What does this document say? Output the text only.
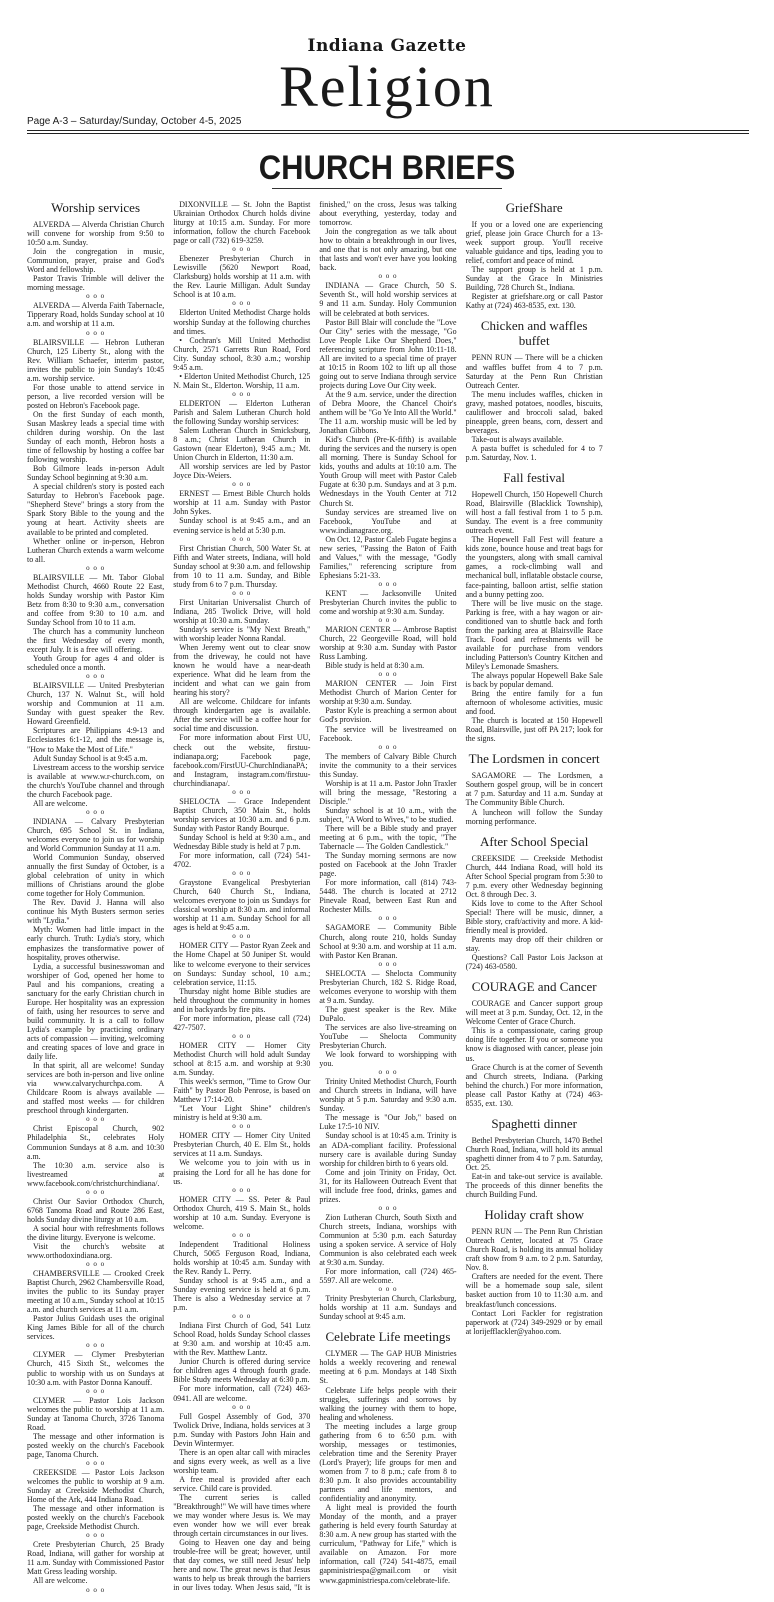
Indiana Gazette
Religion
Page A-3 – Saturday/Sunday, October 4-5, 2025
CHURCH BRIEFS
Worship services

ALVERDA — Alverda Christian Church will convene for worship from 9:50 to 10:50 a.m. Sunday.

Join the congregation in music, Communion, prayer, praise and God's Word and fellowship.

Pastor Travis Trimble will deliver the morning message.

o o o

ALVERDA — Alverda Faith Tabernacle, Tipperary Road, holds Sunday school at 10 a.m. and worship at 11 a.m.

o o o

BLAIRSVILLE — Hebron Lutheran Church, 125 Liberty St., along with the Rev. William Schaefer, interim pastor, invites the public to join Sunday's 10:45 a.m. worship service.

For those unable to attend service in person, a live recorded version will be posted on Hebron's Facebook page.

On the first Sunday of each month, Susan Maskrey leads a special time with children during worship. On the last Sunday of each month, Hebron hosts a time of fellowship by hosting a coffee bar following worship.

Bob Gilmore leads in-person Adult Sunday School beginning at 9:30 a.m.

A special children's story is posted each Saturday to Hebron's Facebook page. "Shepherd Steve" brings a story from the Spark Story Bible to the young and the young at heart. Activity sheets are available to be printed and completed.

Whether online or in-person, Hebron Lutheran Church extends a warm welcome to all.

o o o

BLAIRSVILLE — Mt. Tabor Global Methodist Church, 4660 Route 22 East, holds Sunday worship with Pastor Kim Betz from 8:30 to 9:30 a.m., conversation and coffee from 9:30 to 10 a.m. and Sunday School from 10 to 11 a.m.

The church has a community luncheon the first Wednesday of every month, except July. It is a free will offering.

Youth Group for ages 4 and older is scheduled once a month.

o o o

BLAIRSVILLE — United Presbyterian Church, 137 N. Walnut St., will hold worship and Communion at 11 a.m. Sunday with guest speaker the Rev. Howard Greenfield.

Scriptures are Philippians 4:9-13 and Ecclesiastes 6:1-12, and the message is, "How to Make the Most of Life."

Adult Sunday School is at 9:45 a.m.

Livestream access to the worship service is available at www.w.r-church.com, on the church's YouTube channel and through the church Facebook page.

All are welcome.

o o o

INDIANA — Calvary Presbyterian Church, 695 School St. in Indiana, welcomes everyone to join us for worship and World Communion Sunday at 11 a.m.

World Communion Sunday, observed annually the first Sunday of October, is a global celebration of unity in which millions of Christians around the globe come together for Holy Communion.

The Rev. David J. Hanna will also continue his Myth Busters sermon series with "Lydia."

Myth: Women had little impact in the early church. Truth: Lydia's story, which emphasizes the transformative power of hospitality, proves otherwise.

Lydia, a successful businesswoman and worshiper of God, opened her home to Paul and his companions, creating a sanctuary for the early Christian church in Europe. Her hospitality was an expression of faith, using her resources to serve and build community. It is a call to follow Lydia's example by practicing ordinary acts of compassion — inviting, welcoming and creating spaces of love and grace in daily life.

In that spirit, all are welcome! Sunday services are both in-person and live online via www.calvarychurchpa.com. A Childcare Room is always available — and staffed most weeks — for children preschool through kindergarten.

o o o

Christ Episcopal Church, 902 Philadelphia St., celebrates Holy Communion Sundays at 8 a.m. and 10:30 a.m.

The 10:30 a.m. service also is livestreamed at www.facebook.com/christchurchindiana/.

o o o

Christ Our Savior Orthodox Church, 6768 Tanoma Road and Route 286 East, holds Sunday divine liturgy at 10 a.m.

A social hour with refreshments follows the divine liturgy. Everyone is welcome.

Visit the church's website at www.orthodoxindiana.org.

o o o

CHAMBERSVILLE — Crooked Creek Baptist Church, 2962 Chambersville Road, invites the public to its Sunday prayer meeting at 10 a.m., Sunday school at 10:15 a.m. and church services at 11 a.m.

Pastor Julius Guidash uses the original King James Bible for all of the church services.

o o o

CLYMER — Clymer Presbyterian Church, 415 Sixth St., welcomes the public to worship with us on Sundays at 10:30 a.m. with Pastor Donna Kanouff.

o o o

CLYMER — Pastor Lois Jackson welcomes the public to worship at 11 a.m. Sunday at Tanoma Church, 3726 Tanoma Road.

The message and other information is posted weekly on the church's Facebook page, Tanoma Church.

o o o

CREEKSIDE — Pastor Lois Jackson welcomes the public to worship at 9 a.m. Sunday at Creekside Methodist Church, Home of the Ark, 444 Indiana Road.

The message and other information is posted weekly on the church's Facebook page, Creekside Methodist Church.

o o o

Crete Presbyterian Church, 25 Brady Road, Indiana, will gather for worship at 11 a.m. Sunday with Commissioned Pastor Matt Gress leading worship.

All are welcome.

o o o

DIXONVILLE — St. John the Baptist Ukrainian Orthodox Church holds divine liturgy at 10:15 a.m. Sunday. For more information, follow the church Facebook page or call (732) 619-3259.

o o o

Ebenezer Presbyterian Church in Lewisville (5620 Newport Road, Clarksburg) holds worship at 11 a.m. with the Rev. Laurie Milligan. Adult Sunday School is at 10 a.m.

o o o

Elderton United Methodist Charge holds worship Sunday at the following churches and times.

• Cochran's Mill United Methodist Church, 2571 Garretts Run Road, Ford City. Sunday school, 8:30 a.m.; worship 9:45 a.m.

• Elderton United Methodist Church, 125 N. Main St., Elderton. Worship, 11 a.m.

o o o

ELDERTON — Elderton Lutheran Parish and Salem Lutheran Church hold the following Sunday worship services:

Salem Lutheran Church in Smicksburg, 8 a.m.; Christ Lutheran Church in Gastown (near Elderton), 9:45 a.m.; Mt. Union Church in Elderton, 11:30 a.m.

All worship services are led by Pastor Joyce Dix-Weiers.

o o o

ERNEST — Ernest Bible Church holds worship at 11 a.m. Sunday with Pastor John Sykes.

Sunday school is at 9:45 a.m., and an evening service is held at 5:30 p.m.

o o o

First Christian Church, 500 Water St. at Fifth and Water streets, Indiana, will hold Sunday school at 9:30 a.m. and fellowship from 10 to 11 a.m. Sunday, and Bible study from 6 to 7 p.m. Thursday.

o o o

First Unitarian Universalist Church of Indiana, 285 Twolick Drive, will hold worship at 10:30 a.m. Sunday.

Sunday's service is "My Next Breath," with worship leader Nonna Randal.

When Jeremy went out to clear snow from the driveway, he could not have known he would have a near-death experience. What did he learn from the incident and what can we gain from hearing his story?

All are welcome. Childcare for infants through kindergarten age is available. After the service will be a coffee hour for social time and discussion.

For more information about First UU, check out the website, firstuu-indianapa.org; Facebook page, facebook.com/FirstUU-ChurchIndianaPA; and Instagram, instagram.com/firstuu-churchindianapa/.

o o o

SHELOCTA — Grace Independent Baptist Church, 350 Main St., holds worship services at 10:30 a.m. and 6 p.m. Sunday with Pastor Randy Bourque.

Sunday School is held at 9:30 a.m., and Wednesday Bible study is held at 7 p.m.

For more information, call (724) 541-4702.

o o o

Graystone Evangelical Presbyterian Church, 640 Church St., Indiana, welcomes everyone to join us Sundays for classical worship at 8:30 a.m. and informal worship at 11 a.m. Sunday School for all ages is held at 9:45 a.m.

o o o

HOMER CITY — Pastor Ryan Zeek and the Home Chapel at 50 Juniper St. would like to welcome everyone to their services on Sundays: Sunday school, 10 a.m.; celebration service, 11:15.

Thursday night home Bible studies are held throughout the community in homes and in backyards by fire pits.

For more information, please call (724) 427-7507.

o o o

HOMER CITY — Homer City Methodist Church will hold adult Sunday school at 8:15 a.m. and worship at 9:30 a.m. Sunday.

This week's sermon, "Time to Grow Our Faith" by Pastor Bob Penrose, is based on Matthew 17:14-20.

"Let Your Light Shine" children's ministry is held at 9:30 a.m.

o o o

HOMER CITY — Homer City United Presbyterian Church, 40 E. Elm St., holds services at 11 a.m. Sundays.

We welcome you to join with us in praising the Lord for all he has done for us.

o o o

HOMER CITY — SS. Peter & Paul Orthodox Church, 419 S. Main St., holds worship at 10 a.m. Sunday. Everyone is welcome.

o o o

Independent Traditional Holiness Church, 5065 Ferguson Road, Indiana, holds worship at 10:45 a.m. Sunday with the Rev. Randy L. Perry.

Sunday school is at 9:45 a.m., and a Sunday evening service is held at 6 p.m. There is also a Wednesday service at 7 p.m.

o o o

Indiana First Church of God, 541 Lutz School Road, holds Sunday School classes at 9:30 a.m. and worship at 10:45 a.m. with the Rev. Matthew Lantz.

Junior Church is offered during service for children ages 4 through fourth grade. Bible Study meets Wednesday at 6:30 p.m.

For more information, call (724) 463-0941. All are welcome.

o o o

Full Gospel Assembly of God, 370 Twolick Drive, Indiana, holds services at 3 p.m. Sunday with Pastors John Hain and Devin Wintermyer.

There is an open altar call with miracles and signs every week, as well as a live worship team.

A free meal is provided after each service. Child care is provided.

The current series is called "Breakthrough!" We will have times where we may wonder where Jesus is. We may even wonder how we will ever break through certain circumstances in our lives.

Going to Heaven one day and being trouble-free will be great; however, until that day comes, we still need Jesus' help here and now. The great news is that Jesus wants to help us break through the barriers in our lives today. When Jesus said, "It is finished," on the cross, Jesus was talking about everything, yesterday, today and tomorrow.

Join the congregation as we talk about how to obtain a breakthrough in our lives, and one that is not only amazing, but one that lasts and won't ever have you looking back.

o o o

INDIANA — Grace Church, 50 S. Seventh St., will hold worship services at 9 and 11 a.m. Sunday. Holy Communion will be celebrated at both services.

Pastor Bill Blair will conclude the "Love Our City" series with the message, "Go Love People Like Our Shepherd Does," referencing scripture from John 10:11-18. All are invited to a special time of prayer at 10:15 in Room 102 to lift up all those going out to serve Indiana through service projects during Love Our City week.

At the 9 a.m. service, under the direction of Debra Moore, the Chancel Choir's anthem will be "Go Ye Into All the World." The 11 a.m. worship music will be led by Jonathan Gibbons.

Kid's Church (Pre-K-fifth) is available during the services and the nursery is open all morning. There is Sunday School for kids, youths and adults at 10:10 a.m. The Youth Group will meet with Pastor Caleb Fugate at 6:30 p.m. Sundays and at 3 p.m. Wednesdays in the Youth Center at 712 Church St.

Sunday services are streamed live on Facebook, YouTube and at www.indianagrace.org.

On Oct. 12, Pastor Caleb Fugate begins a new series, "Passing the Baton of Faith and Values," with the message, "Godly Families," referencing scripture from Ephesians 5:21-33.

o o o

KENT — Jacksonville United Presbyterian Church invites the public to come and worship at 9:30 a.m. Sunday.

o o o

MARION CENTER — Ambrose Baptist Church, 22 Georgeville Road, will hold worship at 9:30 a.m. Sunday with Pastor Russ Lambing.

Bible study is held at 8:30 a.m.

o o o

MARION CENTER — Join First Methodist Church of Marion Center for worship at 9:30 a.m. Sunday.

Pastor Kyle is preaching a sermon about God's provision.

The service will be livestreamed on Facebook.

o o o

The members of Calvary Bible Church invite the community to a their services this Sunday.

Worship is at 11 a.m. Pastor John Traxler will bring the message, "Restoring a Disciple."

Sunday school is at 10 a.m., with the subject, "A Word to Wives," to be studied.

There will be a Bible study and prayer meeting at 6 p.m., with the topic, "The Tabernacle — The Golden Candlestick."

The Sunday morning sermons are now posted on Facebook at the John Traxler page.

For more information, call (814) 743-5448. The church is located at 2712 Pinevale Road, between East Run and Rochester Mills.

o o o

SAGAMORE — Community Bible Church, along route 210, holds Sunday School at 9:30 a.m. and worship at 11 a.m. with Pastor Ken Branan.

o o o

SHELOCTA — Shelocta Community Presbyterian Church, 182 S. Ridge Road, welcomes everyone to worship with them at 9 a.m. Sunday.

The guest speaker is the Rev. Mike DuPalo.

The services are also live-streaming on YouTube — Shelocta Community Presbyterian Church.

We look forward to worshipping with you.

o o o

Trinity United Methodist Church, Fourth and Church streets in Indiana, will have worship at 5 p.m. Saturday and 9:30 a.m. Sunday.

The message is "Our Job," based on Luke 17:5-10 NIV.

Sunday school is at 10:45 a.m. Trinity is an ADA-compliant facility. Professional nursery care is available during Sunday worship for children birth to 6 years old.

Come and join Trinity on Friday, Oct. 31, for its Halloween Outreach Event that will include free food, drinks, games and prizes.

o o o

Zion Lutheran Church, South Sixth and Church streets, Indiana, worships with Communion at 5:30 p.m. each Saturday using a spoken service. A service of Holy Communion is also celebrated each week at 9:30 a.m. Sunday.

For more information, call (724) 465-5597. All are welcome.

o o o

Trinity Presbyterian Church, Clarksburg, holds worship at 11 a.m. Sundays and Sunday school at 9:45 a.m.

Celebrate Life meetings

CLYMER — The GAP HUB Ministries holds a weekly recovering and renewal meeting at 6 p.m. Mondays at 148 Sixth St.

Celebrate Life helps people with their struggles, sufferings and sorrows by walking the journey with them to hope, healing and wholeness.

The meeting includes a large group gathering from 6 to 6:50 p.m. with worship, messages or testimonies, celebration time and the Serenity Prayer (Lord's Prayer); life groups for men and women from 7 to 8 p.m.; cafe from 8 to 8:30 p.m. It also provides accountability partners and life mentors, and confidentiality and anonymity.

A light meal is provided the fourth Monday of the month, and a prayer gathering is held every fourth Saturday at 8:30 a.m. A new group has started with the curriculum, "Pathway for Life," which is available on Amazon. For more information, call (724) 541-4875, email gapministriespa@gmail.com or visit www.gapministriespa.com/celebrate-life.

GriefShare

If you or a loved one are experiencing grief, please join Grace Church for a 13-week support group. You'll receive valuable guidance and tips, leading you to relief, comfort and peace of mind.

The support group is held at 1 p.m. Sunday at the Grace In Ministries Building, 728 Church St., Indiana.

Register at griefshare.org or call Pastor Kathy at (724) 463-8535, ext. 130.

Chicken and waffles buffet

PENN RUN — There will be a chicken and waffles buffet from 4 to 7 p.m. Saturday at the Penn Run Christian Outreach Center.

The menu includes waffles, chicken in gravy, mashed potatoes, noodles, biscuits, cauliflower and broccoli salad, baked pineapple, green beans, corn, dessert and beverages.

Take-out is always available.

A pasta buffet is scheduled for 4 to 7 p.m. Saturday, Nov. 1.

Fall festival

Hopewell Church, 150 Hopewell Church Road, Blairsville (Blacklick Township), will host a fall festival from 1 to 5 p.m. Sunday. The event is a free community outreach event.

The Hopewell Fall Fest will feature a kids zone, bounce house and treat bags for the youngsters, along with small carnival games, a rock-climbing wall and mechanical bull, inflatable obstacle course, face-painting, balloon artist, selfie station and a bunny petting zoo.

There will be live music on the stage. Parking is free, with a hay wagon or air-conditioned van to shuttle back and forth from the parking area at Blairsville Race Track. Food and refreshments will be available for purchase from vendors including Patterson's Country Kitchen and Miley's Lemonade Smashers.

The always popular Hopewell Bake Sale is back by popular demand.

Bring the entire family for a fun afternoon of wholesome activities, music and food.

The church is located at 150 Hopewell Road, Blairsville, just off PA 217; look for the signs.

The Lordsmen in concert

SAGAMORE — The Lordsmen, a Southern gospel group, will be in concert at 7 p.m. Saturday and 11 a.m. Sunday at The Community Bible Church.

A luncheon will follow the Sunday morning performance.

After School Special

CREEKSIDE — Creekside Methodist Church, 444 Indiana Road, will hold its After School Special program from 5:30 to 7 p.m. every other Wednesday beginning Oct. 8 through Dec. 3.

Kids love to come to the After School Special! There will be music, dinner, a Bible story, craft/activity and more. A kid-friendly meal is provided.

Parents may drop off their children or stay.

Questions? Call Pastor Lois Jackson at (724) 463-0580.

COURAGE and Cancer

COURAGE and Cancer support group will meet at 3 p.m. Sunday, Oct. 12, in the Welcome Center of Grace Church.

This is a compassionate, caring group doing life together. If you or someone you know is diagnosed with cancer, please join us.

Grace Church is at the corner of Seventh and Church streets, Indiana. (Parking behind the church.) For more information, please call Pastor Kathy at (724) 463-8535, ext. 130.

Spaghetti dinner

Bethel Presbyterian Church, 1470 Bethel Church Road, Indiana, will hold its annual spaghetti dinner from 4 to 7 p.m. Saturday, Oct. 25.

Eat-in and take-out service is available. The proceeds of this dinner benefits the church Building Fund.

Holiday craft show

PENN RUN — The Penn Run Christian Outreach Center, located at 75 Grace Church Road, is holding its annual holiday craft show from 9 a.m. to 2 p.m. Saturday, Nov. 8.

Crafters are needed for the event. There will be a homemade soup sale, silent basket auction from 10 to 11:30 a.m. and breakfast/lunch concessions.

Contact Lori Fackler for registration paperwork at (724) 349-2929 or by email at lorijefflackler@yahoo.com.
